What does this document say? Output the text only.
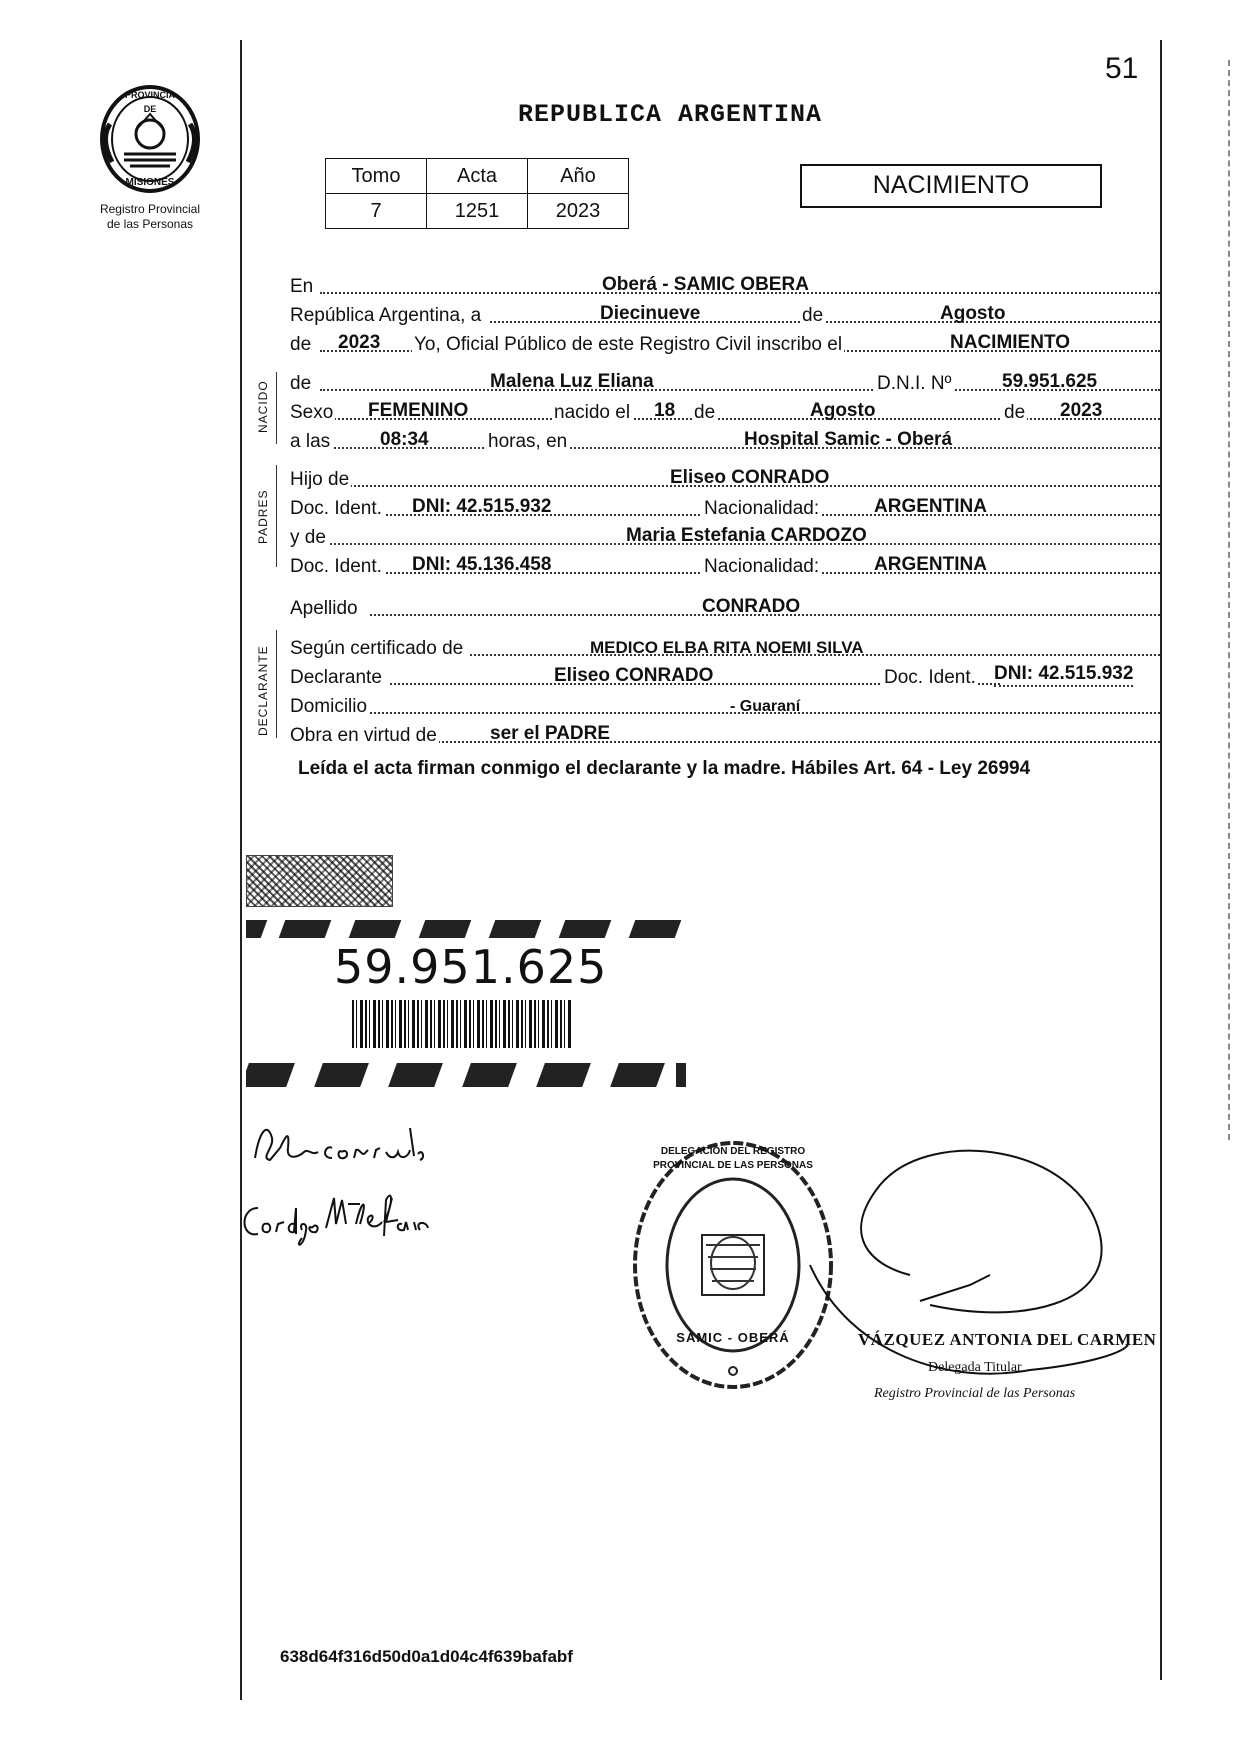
51
PROVINCIA DE
MISIONES
Registro Provincial
de las Personas
REPUBLICA ARGENTINA
Tomo	Acta	Año
7	1251	2023
NACIMIENTO
NACIDO
PADRES
DECLARANTE
En	Oberá - SAMIC OBERA
República Argentina, a	Diecinueve	de	Agosto
de 2023 Yo, Oficial Público de este Registro Civil inscribo el	NACIMIENTO
de	Malena Luz Eliana	D.N.I. Nº	59.951.625
Sexo FEMENINO	nacido el 18 de	Agosto	de 2023
a las	08:34	horas, en	Hospital Samic - Oberá
Hijo de	Eliseo CONRADO
Doc. Ident. DNI: 42.515.932	Nacionalidad:	ARGENTINA
y de	Maria Estefania CARDOZO
Doc. Ident. DNI: 45.136.458	Nacionalidad:	ARGENTINA
Apellido	CONRADO
Según certificado de	MEDICO ELBA RITA NOEMI SILVA
Declarante	Eliseo CONRADO	Doc. Ident. DNI: 42.515.932
Domicilio	- Guaraní
Obra en virtud de	ser el PADRE
Leída el acta firman conmigo el declarante y la madre. Hábiles Art. 64 - Ley 26994
59.951.625
DELEGACIÓN DEL REGISTRO PROVINCIAL DE LAS PERSONAS
SAMIC - OBERÁ	VÁZQUEZ ANTONIA DEL CARMEN
Delegada Titular
Registro Provincial de las Personas
638d64f316d50d0a1d04c4f639bafabf
